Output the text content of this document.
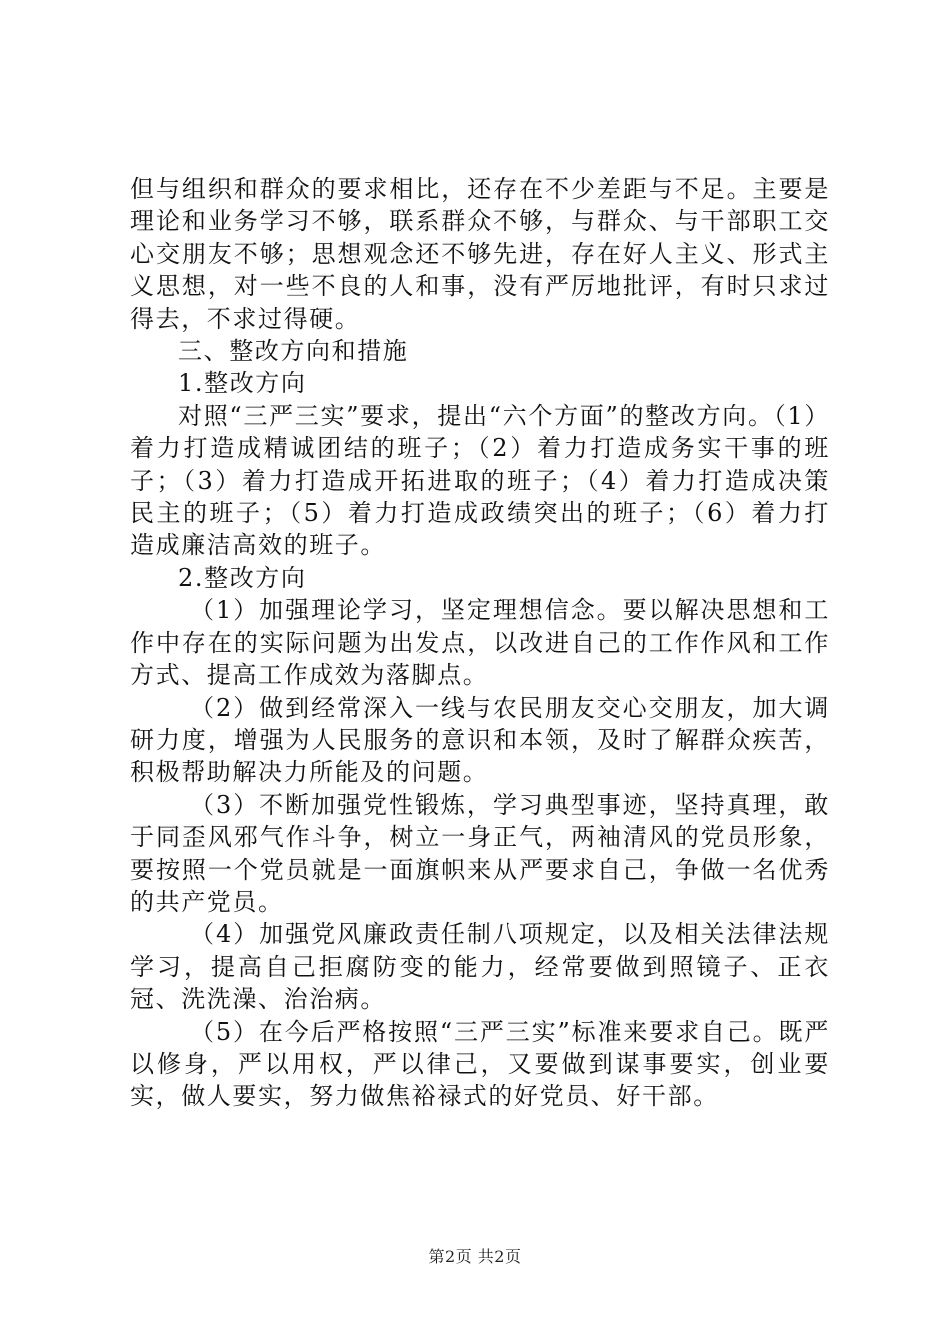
但与组织和群众的要求相比，还存在不少差距与不足。主要是理论和业务学习不够，联系群众不够，与群众、与干部职工交心交朋友不够；思想观念还不够先进，存在好人主义、形式主义思想，对一些不良的人和事，没有严厉地批评，有时只求过得去，不求过得硬。

三、整改方向和措施

1.整改方向

对照“三严三实”要求，提出“六个方面”的整改方向。（1）着力打造成精诚团结的班子；（2）着力打造成务实干事的班子；（3）着力打造成开拓进取的班子；（4）着力打造成决策民主的班子；（5）着力打造成政绩突出的班子；（6）着力打造成廉洁高效的班子。

2.整改方向

（1）加强理论学习，坚定理想信念。要以解决思想和工作中存在的实际问题为出发点，以改进自己的工作作风和工作方式、提高工作成效为落脚点。

（2）做到经常深入一线与农民朋友交心交朋友，加大调研力度，增强为人民服务的意识和本领，及时了解群众疾苦，积极帮助解决力所能及的问题。

（3）不断加强党性锻炼，学习典型事迹，坚持真理，敢于同歪风邪气作斗争，树立一身正气，两袖清风的党员形象，要按照一个党员就是一面旗帜来从严要求自己，争做一名优秀的共产党员。

（4）加强党风廉政责任制八项规定，以及相关法律法规学习，提高自己拒腐防变的能力，经常要做到照镜子、正衣冠、洗洗澡、治治病。

（5）在今后严格按照“三严三实”标准来要求自己。既严以修身，严以用权，严以律己，又要做到谋事要实，创业要实，做人要实，努力做焦裕禄式的好党员、好干部。

第2页 共2页
